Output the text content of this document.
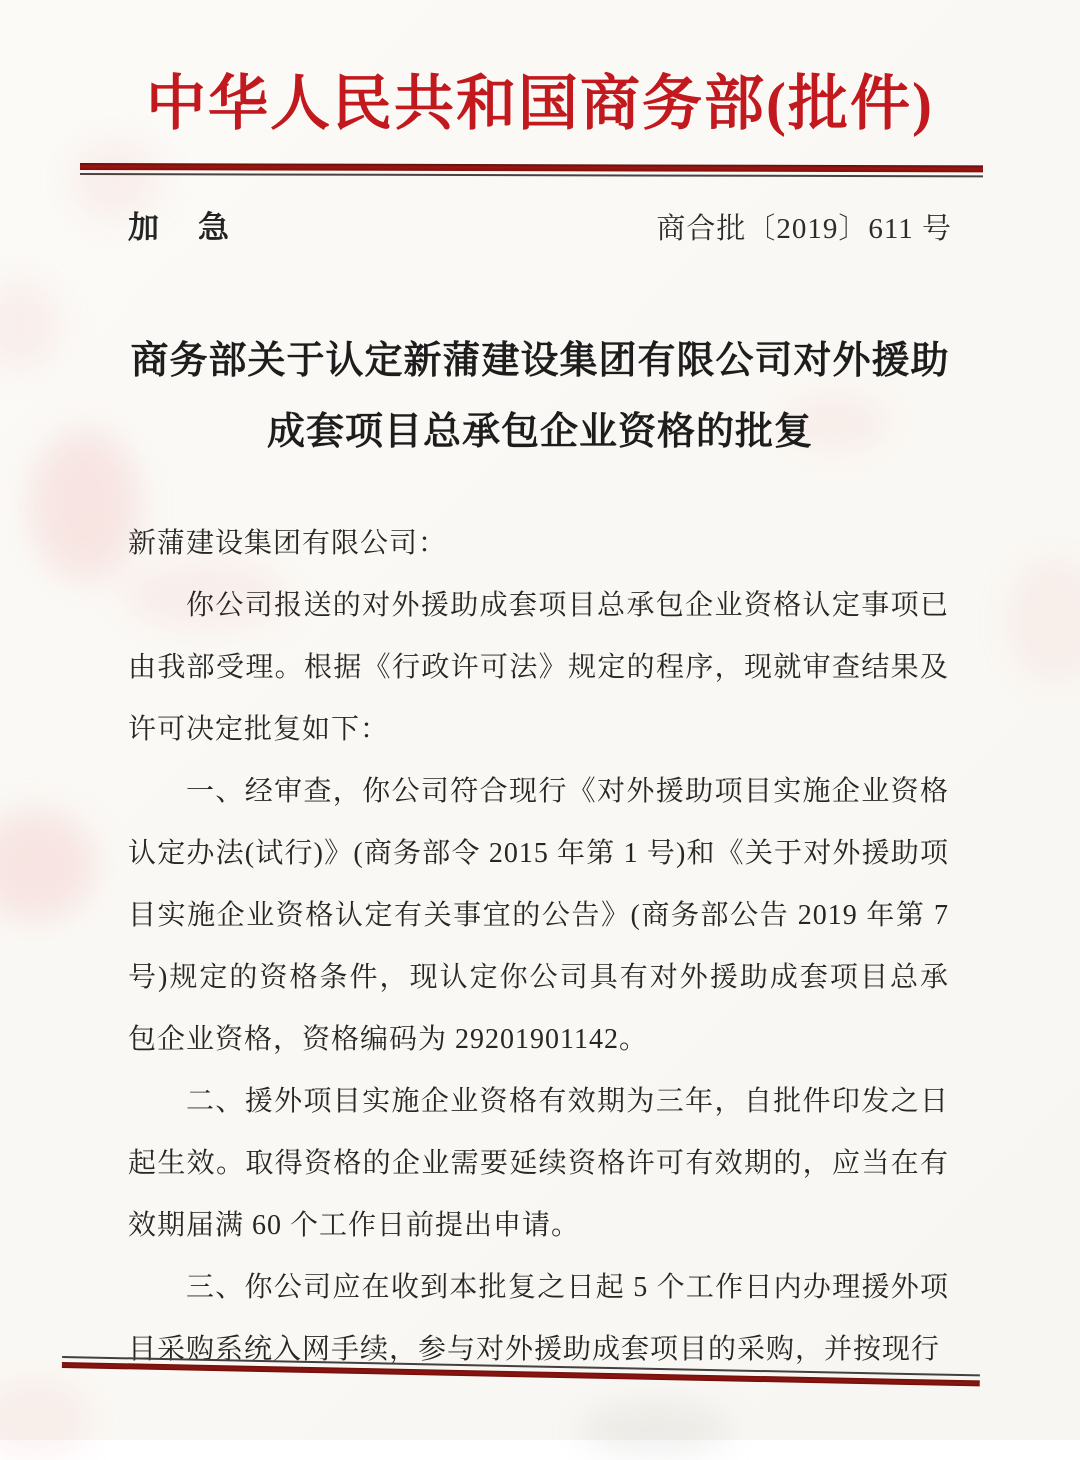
中华人民共和国商务部(批件)
加　急	商合批〔2019〕611 号
商务部关于认定新蒲建设集团有限公司对外援助
成套项目总承包企业资格的批复

新蒲建设集团有限公司：

你公司报送的对外援助成套项目总承包企业资格认定事项已由我部受理。根据《行政许可法》规定的程序，现就审查结果及许可决定批复如下：

一、经审查，你公司符合现行《对外援助项目实施企业资格认定办法(试行)》(商务部令 2015 年第 1 号)和《关于对外援助项目实施企业资格认定有关事宜的公告》(商务部公告 2019 年第 7 号)规定的资格条件，现认定你公司具有对外援助成套项目总承包企业资格，资格编码为 29201901142。

二、援外项目实施企业资格有效期为三年，自批件印发之日起生效。取得资格的企业需要延续资格许可有效期的，应当在有效期届满 60 个工作日前提出申请。

三、你公司应在收到本批复之日起 5 个工作日内办理援外项目采购系统入网手续，参与对外援助成套项目的采购，并按现行
